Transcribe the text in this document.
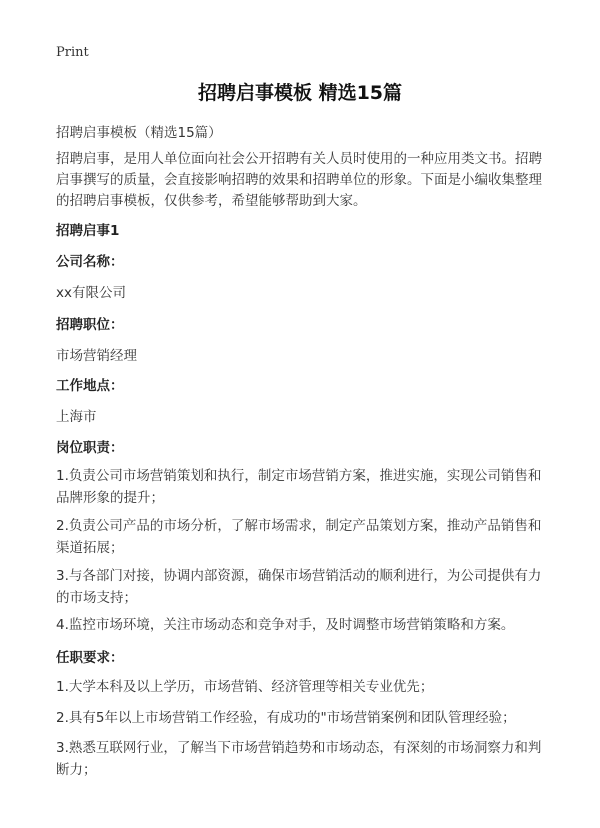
Print
招聘启事模板 精选15篇
招聘启事模板（精选15篇）
招聘启事，是用人单位面向社会公开招聘有关人员时使用的一种应用类文书。招聘启事撰写的质量，会直接影响招聘的效果和招聘单位的形象。下面是小编收集整理的招聘启事模板，仅供参考，希望能够帮助到大家。
招聘启事1
公司名称：
xx有限公司
招聘职位：
市场营销经理
工作地点：
上海市
岗位职责：
1.负责公司市场营销策划和执行，制定市场营销方案，推进实施，实现公司销售和品牌形象的提升；
2.负责公司产品的市场分析，了解市场需求，制定产品策划方案，推动产品销售和渠道拓展；
3.与各部门对接，协调内部资源，确保市场营销活动的顺利进行，为公司提供有力的市场支持；
4.监控市场环境，关注市场动态和竞争对手，及时调整市场营销策略和方案。
任职要求：
1.大学本科及以上学历，市场营销、经济管理等相关专业优先；
2.具有5年以上市场营销工作经验，有成功的"市场营销案例和团队管理经验；
3.熟悉互联网行业，了解当下市场营销趋势和市场动态，有深刻的市场洞察力和判断力；
